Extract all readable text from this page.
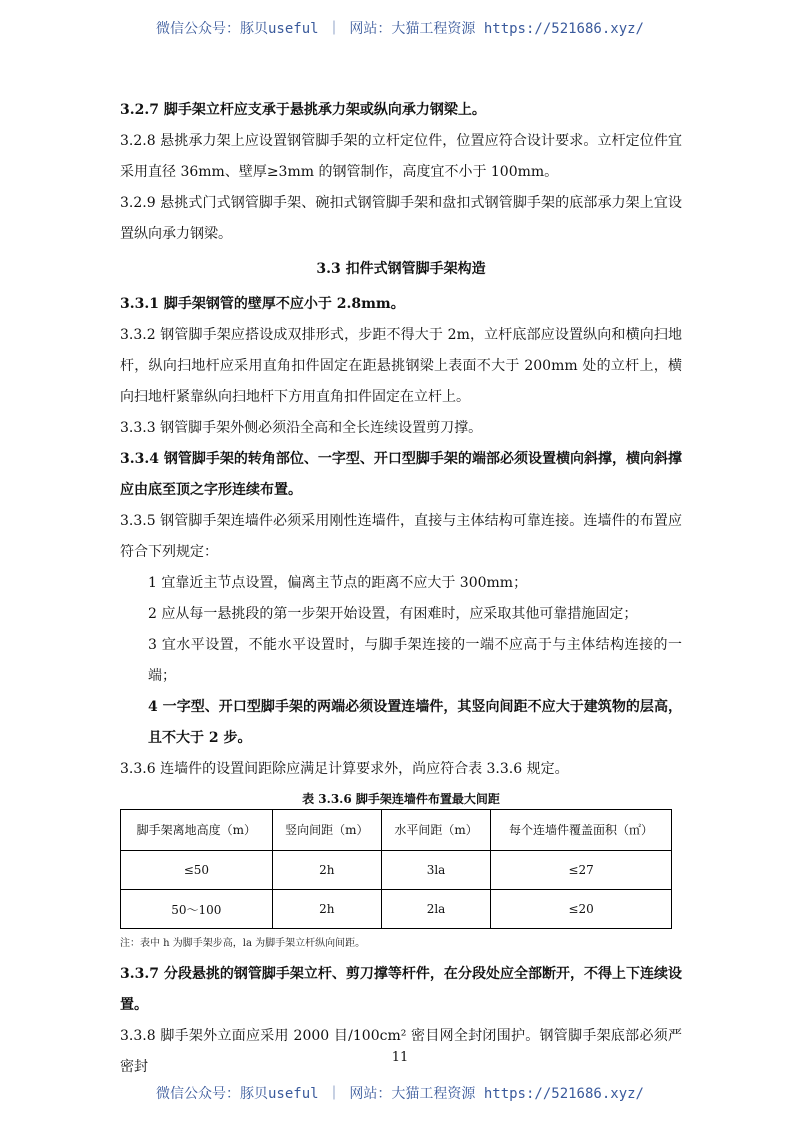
微信公众号：豚贝useful ｜ 网站：大猫工程资源 https://521686.xyz/

3.2.7 脚手架立杆应支承于悬挑承力架或纵向承力钢梁上。

3.2.8 悬挑承力架上应设置钢管脚手架的立杆定位件，位置应符合设计要求。立杆定位件宜采用直径 36mm、壁厚≥3mm 的钢管制作，高度宜不小于 100mm。

3.2.9 悬挑式门式钢管脚手架、碗扣式钢管脚手架和盘扣式钢管脚手架的底部承力架上宜设置纵向承力钢梁。

3.3 扣件式钢管脚手架构造

3.3.1 脚手架钢管的壁厚不应小于 2.8mm。

3.3.2 钢管脚手架应搭设成双排形式，步距不得大于 2m，立杆底部应设置纵向和横向扫地杆，纵向扫地杆应采用直角扣件固定在距悬挑钢梁上表面不大于 200mm 处的立杆上，横向扫地杆紧靠纵向扫地杆下方用直角扣件固定在立杆上。

3.3.3 钢管脚手架外侧必须沿全高和全长连续设置剪刀撑。

3.3.4 钢管脚手架的转角部位、一字型、开口型脚手架的端部必须设置横向斜撑，横向斜撑应由底至顶之字形连续布置。

3.3.5 钢管脚手架连墙件必须采用刚性连墙件，直接与主体结构可靠连接。连墙件的布置应符合下列规定：

1 宜靠近主节点设置，偏离主节点的距离不应大于 300mm；

2 应从每一悬挑段的第一步架开始设置，有困难时，应采取其他可靠措施固定；

3 宜水平设置，不能水平设置时，与脚手架连接的一端不应高于与主体结构连接的一端；

4 一字型、开口型脚手架的两端必须设置连墙件，其竖向间距不应大于建筑物的层高，且不大于 2 步。

3.3.6 连墙件的设置间距除应满足计算要求外，尚应符合表 3.3.6 规定。

表 3.3.6 脚手架连墙件布置最大间距
脚手架离地高度（m）	竖向间距（m）	水平间距（m）	每个连墙件覆盖面积（㎡）
≤50	2h	3la	≤27
50～100	2h	2la	≤20
注：表中 h 为脚手架步高，la 为脚手架立杆纵向间距。

3.3.7 分段悬挑的钢管脚手架立杆、剪刀撑等杆件，在分段处应全部断开，不得上下连续设置。

3.3.8 脚手架外立面应采用 2000 目/100cm² 密目网全封闭围护。钢管脚手架底部必须严密封

11
微信公众号：豚贝useful ｜ 网站：大猫工程资源 https://521686.xyz/
